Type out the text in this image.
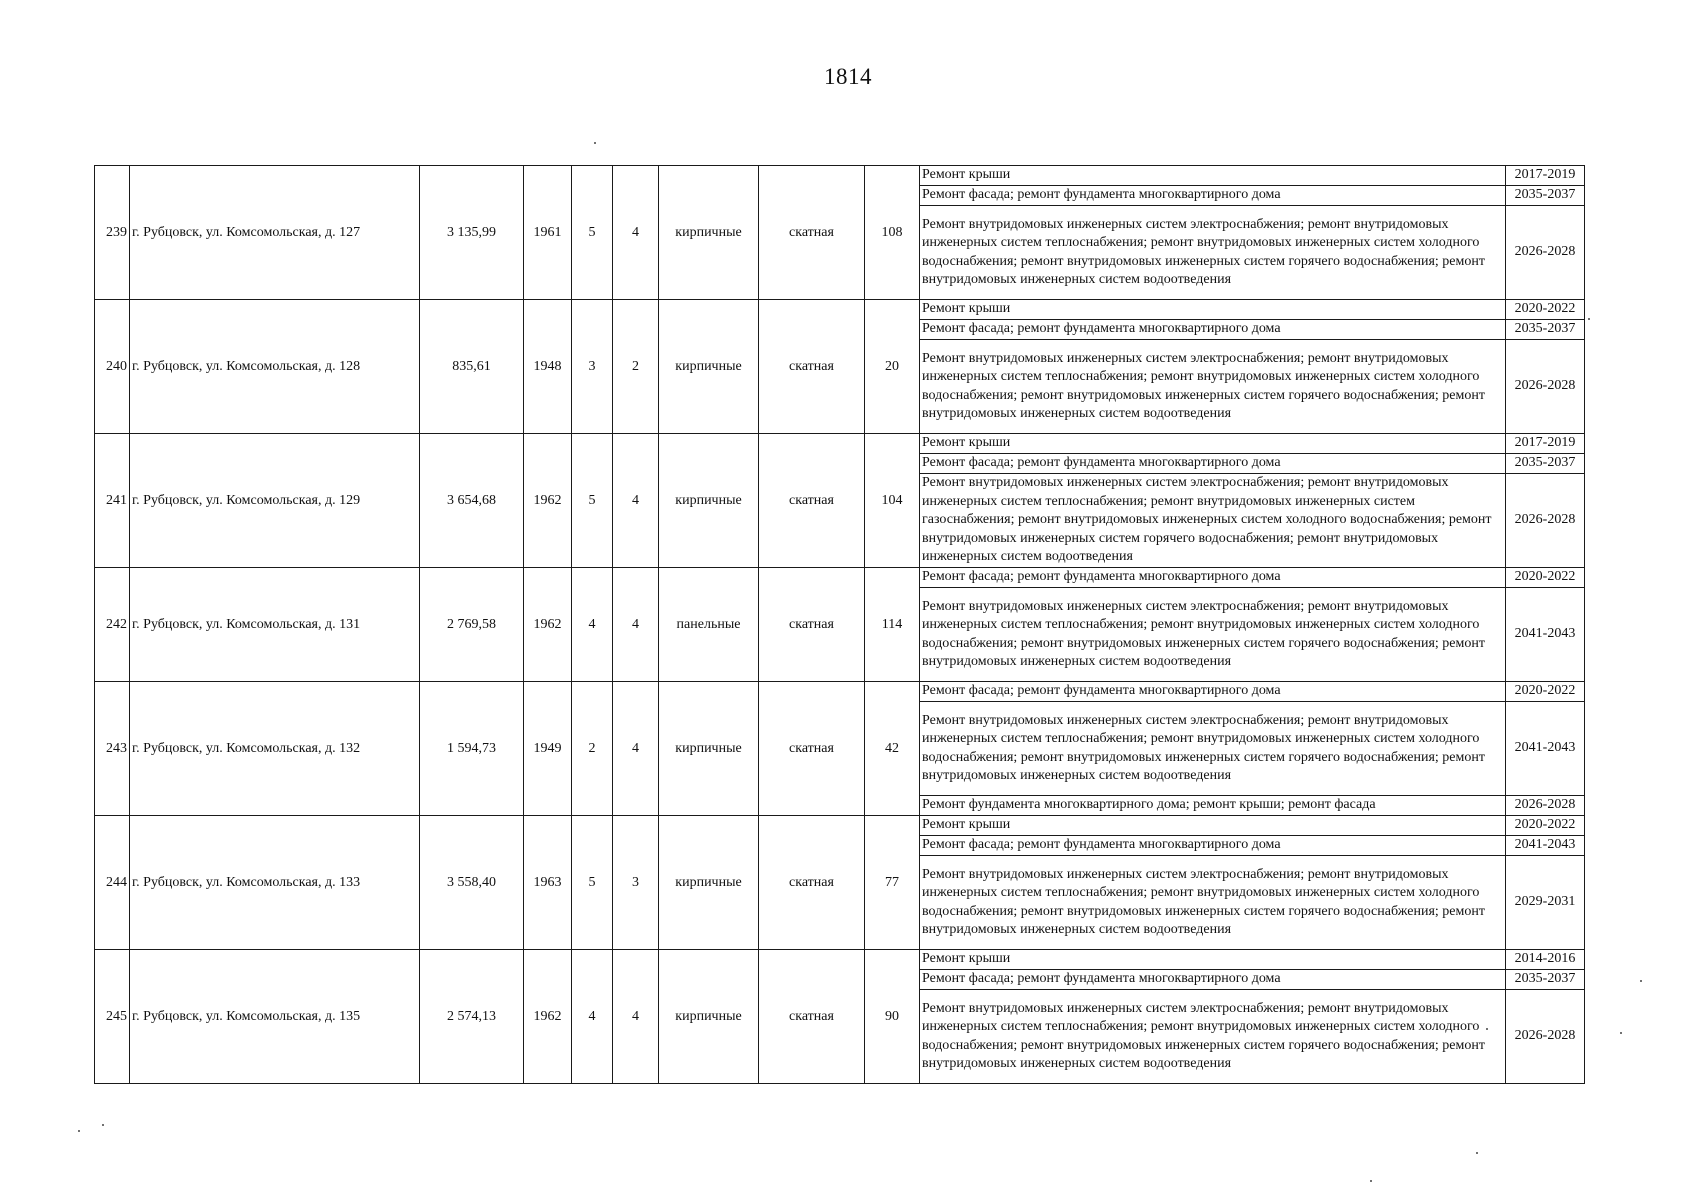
1814
239	г. Рубцовск, ул. Комсомольская, д. 127	3 135,99	1961	5	4	кирпичные	скатная	108	Ремонт крыши	2017-2019
									Ремонт фасада; ремонт фундамента многоквартирного дома	2035-2037
									Ремонт внутридомовых инженерных систем электроснабжения; ремонт внутридомовых инженерных систем теплоснабжения; ремонт внутридомовых инженерных систем холодного водоснабжения; ремонт внутридомовых инженерных систем горячего водоснабжения; ремонт внутридомовых инженерных систем водоотведения	2026-2028
240	г. Рубцовск, ул. Комсомольская, д. 128	835,61	1948	3	2	кирпичные	скатная	20	Ремонт крыши	2020-2022
									Ремонт фасада; ремонт фундамента многоквартирного дома	2035-2037
									Ремонт внутридомовых инженерных систем электроснабжения; ремонт внутридомовых инженерных систем теплоснабжения; ремонт внутридомовых инженерных систем холодного водоснабжения; ремонт внутридомовых инженерных систем горячего водоснабжения; ремонт внутридомовых инженерных систем водоотведения	2026-2028
241	г. Рубцовск, ул. Комсомольская, д. 129	3 654,68	1962	5	4	кирпичные	скатная	104	Ремонт крыши	2017-2019
									Ремонт фасада; ремонт фундамента многоквартирного дома	2035-2037
									Ремонт внутридомовых инженерных систем электроснабжения; ремонт внутридомовых инженерных систем теплоснабжения; ремонт внутридомовых инженерных систем газоснабжения; ремонт внутридомовых инженерных систем холодного водоснабжения; ремонт внутридомовых инженерных систем горячего водоснабжения; ремонт внутридомовых инженерных систем водоотведения	2026-2028
242	г. Рубцовск, ул. Комсомольская, д. 131	2 769,58	1962	4	4	панельные	скатная	114	Ремонт фасада; ремонт фундамента многоквартирного дома	2020-2022
									Ремонт внутридомовых инженерных систем электроснабжения; ремонт внутридомовых инженерных систем теплоснабжения; ремонт внутридомовых инженерных систем холодного водоснабжения; ремонт внутридомовых инженерных систем горячего водоснабжения; ремонт внутридомовых инженерных систем водоотведения	2041-2043
243	г. Рубцовск, ул. Комсомольская, д. 132	1 594,73	1949	2	4	кирпичные	скатная	42	Ремонт фасада; ремонт фундамента многоквартирного дома	2020-2022
									Ремонт внутридомовых инженерных систем электроснабжения; ремонт внутридомовых инженерных систем теплоснабжения; ремонт внутридомовых инженерных систем холодного водоснабжения; ремонт внутридомовых инженерных систем горячего водоснабжения; ремонт внутридомовых инженерных систем водоотведения	2041-2043
									Ремонт фундамента многоквартирного дома; ремонт крыши; ремонт фасада	2026-2028
244	г. Рубцовск, ул. Комсомольская, д. 133	3 558,40	1963	5	3	кирпичные	скатная	77	Ремонт крыши	2020-2022
									Ремонт фасада; ремонт фундамента многоквартирного дома	2041-2043
									Ремонт внутридомовых инженерных систем электроснабжения; ремонт внутридомовых инженерных систем теплоснабжения; ремонт внутридомовых инженерных систем холодного водоснабжения; ремонт внутридомовых инженерных систем горячего водоснабжения; ремонт внутридомовых инженерных систем водоотведения	2029-2031
245	г. Рубцовск, ул. Комсомольская, д. 135	2 574,13	1962	4	4	кирпичные	скатная	90	Ремонт крыши	2014-2016
									Ремонт фасада; ремонт фундамента многоквартирного дома	2035-2037
									Ремонт внутридомовых инженерных систем электроснабжения; ремонт внутридомовых инженерных систем теплоснабжения; ремонт внутридомовых инженерных систем холодного водоснабжения; ремонт внутридомовых инженерных систем горячего водоснабжения; ремонт внутридомовых инженерных систем водоотведения	2026-2028
